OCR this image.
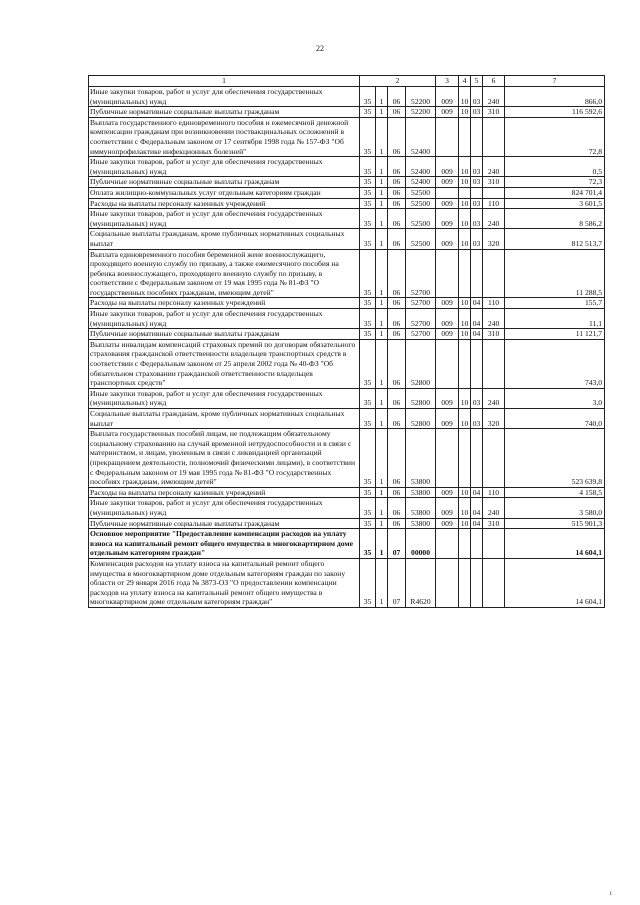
22
1	2				3	4	5	6	7
Иные закупки товаров, работ и услуг для обеспечения государственных (муниципальных) нужд	35	1	06	52200	009	10	03	240	866,0
Публичные нормативные социальные выплаты гражданам	35	1	06	52200	009	10	03	310	116 592,6
Выплата государственного единовременного пособия и ежемесячной денежной компенсации гражданам при возникновении поствакцинальных осложнений в соответствии с Федеральным законом от 17 сентября 1998 года № 157-ФЗ "Об иммунопрофилактике инфекционных болезней"	35	1	06	52400					72,8
Иные закупки товаров, работ и услуг для обеспечения государственных (муниципальных) нужд	35	1	06	52400	009	10	03	240	0,5
Публичные нормативные социальные выплаты гражданам	35	1	06	52400	009	10	03	310	72,3
Оплата жилищно-коммунальных услуг отдельным категориям граждан	35	1	06	52500					824 701,4
Расходы на выплаты персоналу казенных учреждений	35	1	06	52500	009	10	03	110	3 601,5
Иные закупки товаров, работ и услуг для обеспечения государственных (муниципальных) нужд	35	1	06	52500	009	10	03	240	8 586,2
Социальные выплаты гражданам, кроме публичных нормативных социальных выплат	35	1	06	52500	009	10	03	320	812 513,7
Выплата единовременного пособия беременной жене военнослужащего, проходящего военную службу по призыву, а также ежемесячного пособия на ребенка военнослужащего, проходящего военную службу по призыву, в соответствии с Федеральным законом от 19 мая 1995 года № 81-ФЗ "О государственных пособиях гражданам, имеющим детей"	35	1	06	52700					11 288,5
Расходы на выплаты персоналу казенных учреждений	35	1	06	52700	009	10	04	110	155,7
Иные закупки товаров, работ и услуг для обеспечения государственных (муниципальных) нужд	35	1	06	52700	009	10	04	240	11,1
Публичные нормативные социальные выплаты гражданам	35	1	06	52700	009	10	04	310	11 121,7
Выплаты инвалидам компенсаций страховых премий по договорам обязательного страхования гражданской ответственности владельцев транспортных средств в соответствии с Федеральным законом от 25 апреля 2002 года № 40-ФЗ "Об обязательном страховании гражданской ответственности владельцев транспортных средств"	35	1	06	52800					743,0
Иные закупки товаров, работ и услуг для обеспечения государственных (муниципальных) нужд	35	1	06	52800	009	10	03	240	3,0
Социальные выплаты гражданам, кроме публичных нормативных социальных выплат	35	1	06	52800	009	10	03	320	740,0
Выплата государственных пособий лицам, не подлежащим обязательному социальному страхованию на случай временной нетрудоспособности и в связи с материнством, и лицам, уволенным в связи с ликвидацией организаций (прекращением деятельности, полномочий физическими лицами), в соответствии с Федеральным законом от 19 мая 1995 года № 81-ФЗ "О государственных пособиях гражданам, имеющим детей"	35	1	06	53800					523 639,8
Расходы на выплаты персоналу казенных учреждений	35	1	06	53800	009	10	04	110	4 158,5
Иные закупки товаров, работ и услуг для обеспечения государственных (муниципальных) нужд	35	1	06	53800	009	10	04	240	3 580,0
Публичные нормативные социальные выплаты гражданам	35	1	06	53800	009	10	04	310	515 901,3
Основное мероприятие "Предоставление компенсации расходов на уплату взноса на капитальный ремонт общего имущества в многоквартирном доме отдельным категориям граждан"	35	1	07	00000					14 604,1
Компенсация расходов на уплату взноса на капитальный ремонт общего имущества в многоквартирном доме отдельным категориям граждан по закону области от 29 января 2016 года № 3873-ОЗ "О предоставлении компенсации расходов на уплату взноса на капитальный ремонт общего имущества в многоквартирном доме отдельным категориям граждан"	35	1	07	R4620					14 604,1
і
